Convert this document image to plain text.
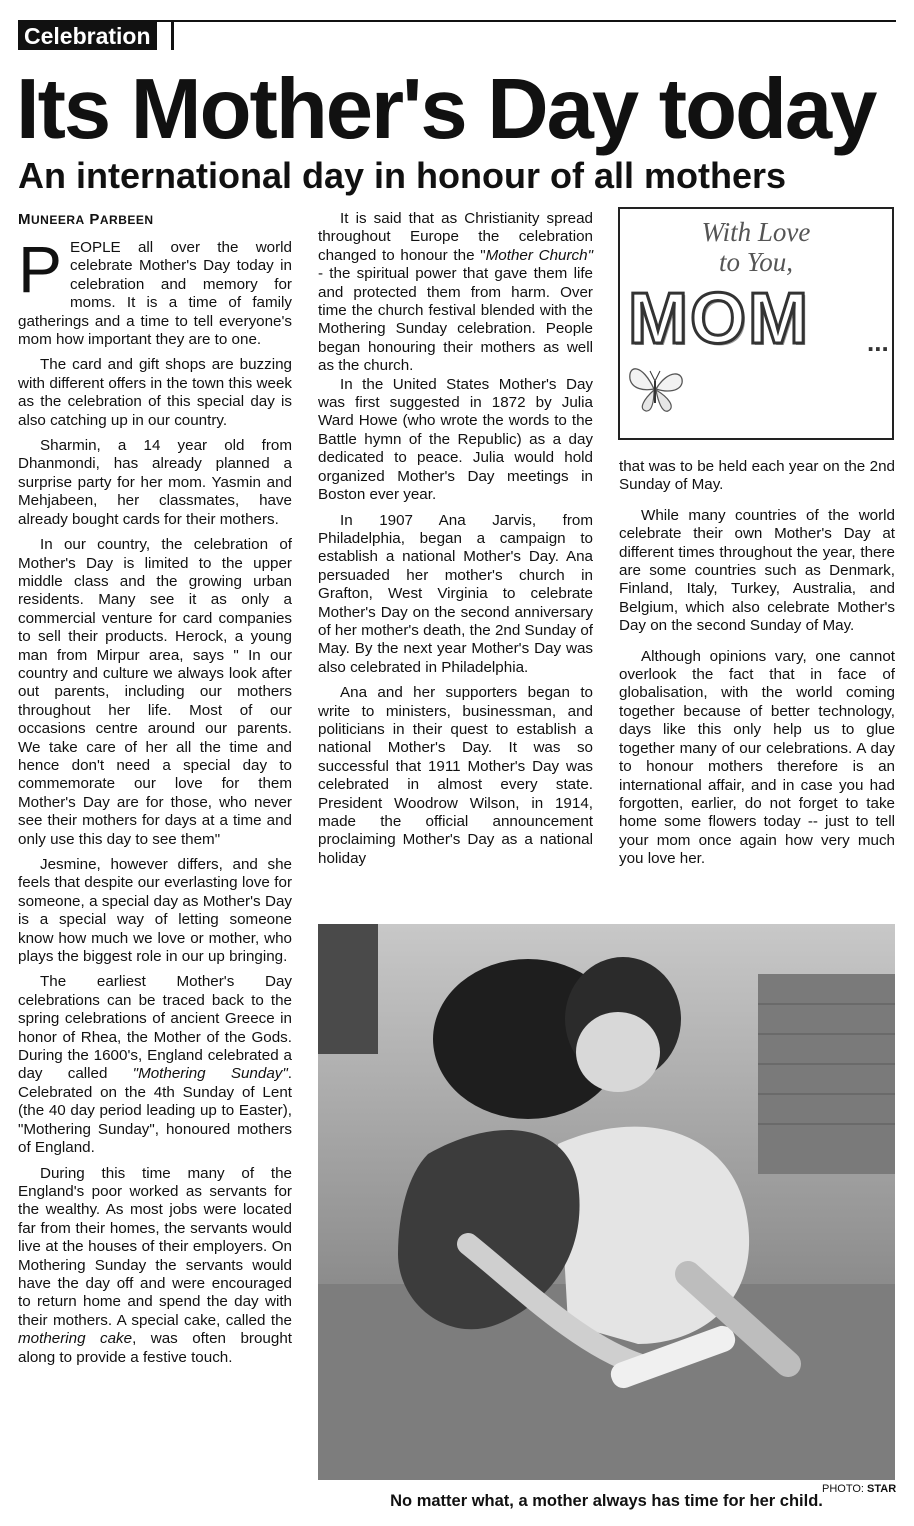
Celebration
Its Mother's Day today
An international day in honour of all mothers
MUNEERA PARBEEN

PEOPLE all over the world celebrate Mother's Day today in celebration and memory for moms. It is a time of family gatherings and a time to tell everyone's mom how important they are to one.

The card and gift shops are buzzing with different offers in the town this week as the celebration of this special day is also catching up in our country.

Sharmin, a 14 year old from Dhanmondi, has already planned a surprise party for her mom. Yasmin and Mehjabeen, her classmates, have already bought cards for their mothers.

In our country, the celebration of Mother's Day is limited to the upper middle class and the growing urban residents. Many see it as only a commercial venture for card companies to sell their products. Herock, a young man from Mirpur area, says " In our country and culture we always look after out parents, including our mothers throughout her life. Most of our occasions centre around our parents. We take care of her all the time and hence don't need a special day to commemorate our love for them Mother's Day are for those, who never see their mothers for days at a time and only use this day to see them"

Jesmine, however differs, and she feels that despite our everlasting love for someone, a special day as Mother's Day is a special way of letting someone know how much we love or mother, who plays the biggest role in our up bringing.

The earliest Mother's Day celebrations can be traced back to the spring celebrations of ancient Greece in honor of Rhea, the Mother of the Gods. During the 1600's, England celebrated a day called "Mothering Sunday". Celebrated on the 4th Sunday of Lent (the 40 day period leading up to Easter), "Mothering Sunday", honoured mothers of England.

During this time many of the England's poor worked as servants for the wealthy. As most jobs were located far from their homes, the servants would live at the houses of their employers. On Mothering Sunday the servants would have the day off and were encouraged to return home and spend the day with their mothers. A special cake, called the mothering cake, was often brought along to provide a festive touch.

It is said that as Christianity spread throughout Europe the celebration changed to honour the "Mother Church" - the spiritual power that gave them life and protected them from harm. Over time the church festival blended with the Mothering Sunday celebration. People began honouring their mothers as well as the church.

In the United States Mother's Day was first suggested in 1872 by Julia Ward Howe (who wrote the words to the Battle hymn of the Republic) as a day dedicated to peace. Julia would hold organized Mother's Day meetings in Boston ever year.

In 1907 Ana Jarvis, from Philadelphia, began a campaign to establish a national Mother's Day. Ana persuaded her mother's church in Grafton, West Virginia to celebrate Mother's Day on the second anniversary of her mother's death, the 2nd Sunday of May. By the next year Mother's Day was also celebrated in Philadelphia.

Ana and her supporters began to write to ministers, businessman, and politicians in their quest to establish a national Mother's Day. It was so successful that 1911 Mother's Day was celebrated in almost every state. President Woodrow Wilson, in 1914, made the official announcement proclaiming Mother's Day as a national holiday

With Love
to You,
MOM ...

that was to be held each year on the 2nd Sunday of May.

While many countries of the world celebrate their own Mother's Day at different times throughout the year, there are some countries such as Denmark, Finland, Italy, Turkey, Australia, and Belgium, which also celebrate Mother's Day on the second Sunday of May.

Although opinions vary, one cannot overlook the fact that in face of globalisation, with the world coming together because of better technology, days like this only help us to glue together many of our celebrations. A day to honour mothers therefore is an international affair, and in case you had forgotten, earlier, do not forget to take home some flowers today -- just to tell your mom once again how very much you love her.

PHOTO: STAR
No matter what, a mother always has time for her child.
